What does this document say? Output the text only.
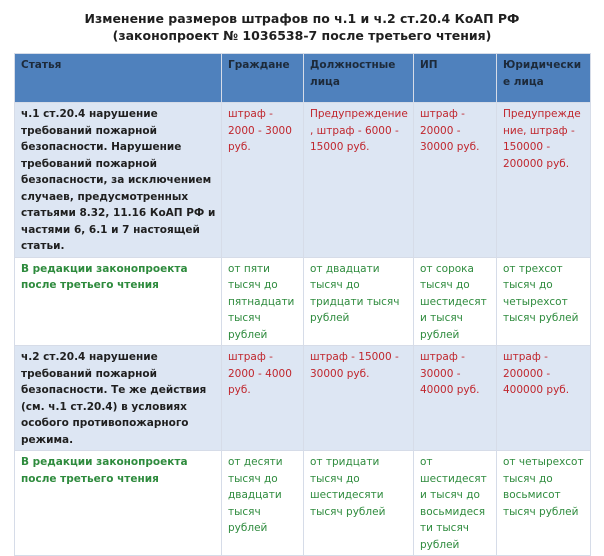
Изменение размеров штрафов по ч.1 и ч.2 ст.20.4 КоАП РФ
(законопроект № 1036538-7 после третьего чтения)
Статья	Граждане	Должностные лица	ИП	Юридические лица
ч.1 ст.20.4 нарушение требований пожарной безопасности. Нарушение требований пожарной безопасности, за исключением случаев, предусмотренных статьями 8.32, 11.16 КоАП РФ и частями 6, 6.1 и 7 настоящей статьи.	штраф - 2000 - 3000 руб.	Предупреждение, штраф - 6000 - 15000 руб.	штраф - 20000 - 30000 руб.	Предупреждение, штраф - 150000 - 200000 руб.
В редакции законопроекта после третьего чтения	от пяти тысяч до пятнадцати тысяч рублей	от двадцати тысяч до тридцати тысяч рублей	от сорока тысяч до шестидесяти тысяч рублей	от трехсот тысяч до четырехсот тысяч рублей
ч.2 ст.20.4 нарушение требований пожарной безопасности. Те же действия (см. ч.1 ст.20.4) в условиях особого противопожарного режима.	штраф - 2000 - 4000 руб.	штраф - 15000 - 30000 руб.	штраф - 30000 - 40000 руб.	штраф - 200000 - 400000 руб.
В редакции законопроекта после третьего чтения	от десяти тысяч до двадцати тысяч рублей	от тридцати тысяч до шестидесяти тысяч рублей	от шестидесяти тысяч до восьмидесяти тысяч рублей	от четырехсот тысяч до восьмисот тысяч рублей
